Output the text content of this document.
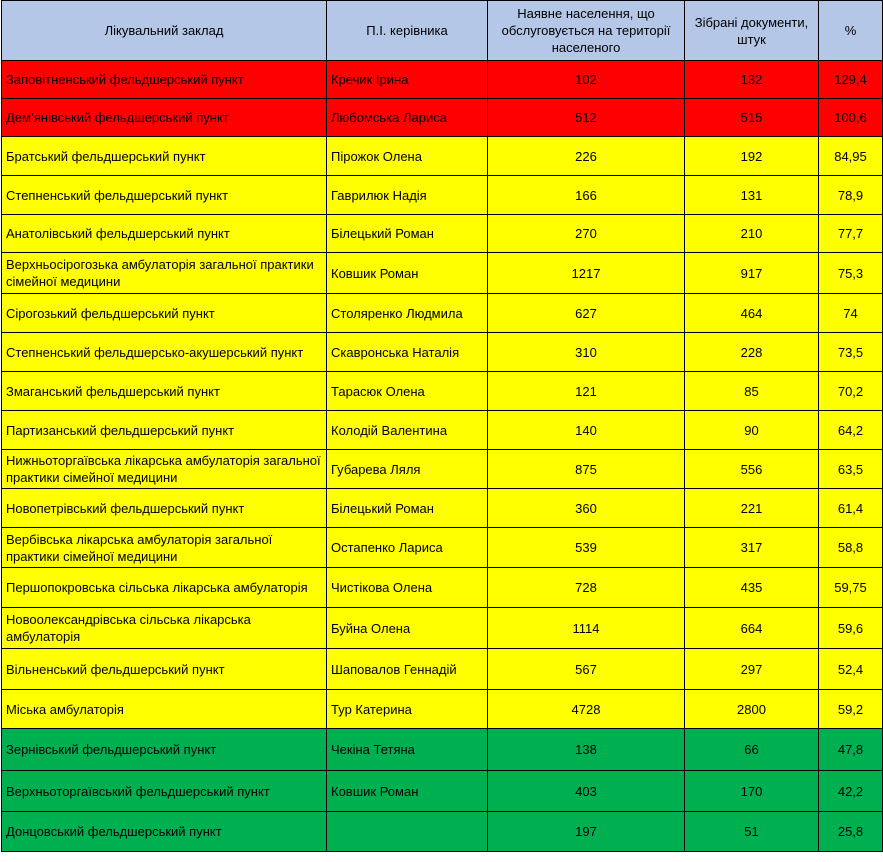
Лікувальний заклад	П.І. керівника	Наявне населення, що обслуговується на території населеного	Зібрані документи, штук	%
Заповітненський фельдшерський пункт	Кречик Ірина	102	132	129,4
Дем’янівський фельдшерський пункт	Любомська Лариса	512	515	100,6
Братський фельдшерський пункт	Пірожок Олена	226	192	84,95
Степненський фельдшерський пункт	Гаврилюк Надія	166	131	78,9
Анатолівський фельдшерський пункт	Білецький Роман	270	210	77,7
Верхньосірогозька амбулаторія загальної практики сімейної медицини	Ковшик Роман	1217	917	75,3
Сірогозький фельдшерський пункт	Столяренко Людмила	627	464	74
Степненський фельдшерсько-акушерський пункт	Скавронська Наталія	310	228	73,5
Змаганський фельдшерський пункт	Тарасюк Олена	121	85	70,2
Партизанський фельдшерський пункт	Колодій Валентина	140	90	64,2
Нижньоторгаївська лікарська амбулаторія загальної практики сімейної медицини	Губарева Ляля	875	556	63,5
Новопетрівський фельдшерський пункт	Білецький Роман	360	221	61,4
Вербівська лікарська амбулаторія загальної практики сімейної медицини	Остапенко Лариса	539	317	58,8
Першопокровська сільська лікарська амбулаторія	Чистікова Олена	728	435	59,75
Новоолександрівська сільська лікарська амбулаторія	Буйна Олена	1114	664	59,6
Вільненський фельдшерський пункт	Шаповалов Геннадій	567	297	52,4
Міська амбулаторія	Тур Катерина	4728	2800	59,2
Зернівський фельдшерський пункт	Чекіна Тетяна	138	66	47,8
Верхньоторгаївський фельдшерський пункт	Ковшик Роман	403	170	42,2
Донцовський фельдшерський пункт		197	51	25,8
